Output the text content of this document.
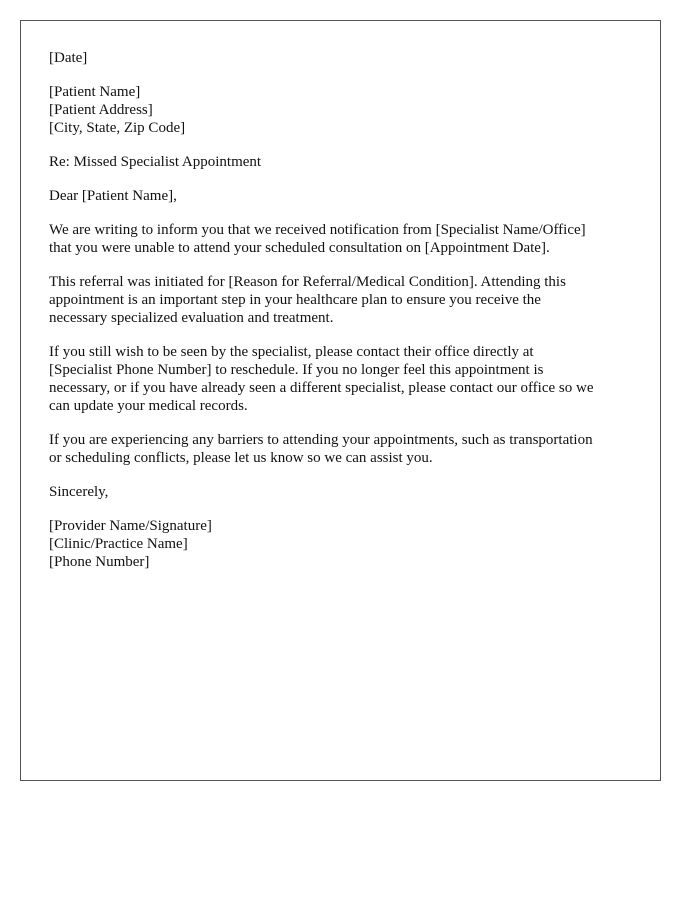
[Date]
[Patient Name]
[Patient Address]
[City, State, Zip Code]
Re: Missed Specialist Appointment
Dear [Patient Name],
We are writing to inform you that we received notification from [Specialist Name/Office]
that you were unable to attend your scheduled consultation on [Appointment Date].
This referral was initiated for [Reason for Referral/Medical Condition]. Attending this
appointment is an important step in your healthcare plan to ensure you receive the
necessary specialized evaluation and treatment.
If you still wish to be seen by the specialist, please contact their office directly at
[Specialist Phone Number] to reschedule. If you no longer feel this appointment is
necessary, or if you have already seen a different specialist, please contact our office so we
can update your medical records.
If you are experiencing any barriers to attending your appointments, such as transportation
or scheduling conflicts, please let us know so we can assist you.
Sincerely,
[Provider Name/Signature]
[Clinic/Practice Name]
[Phone Number]
